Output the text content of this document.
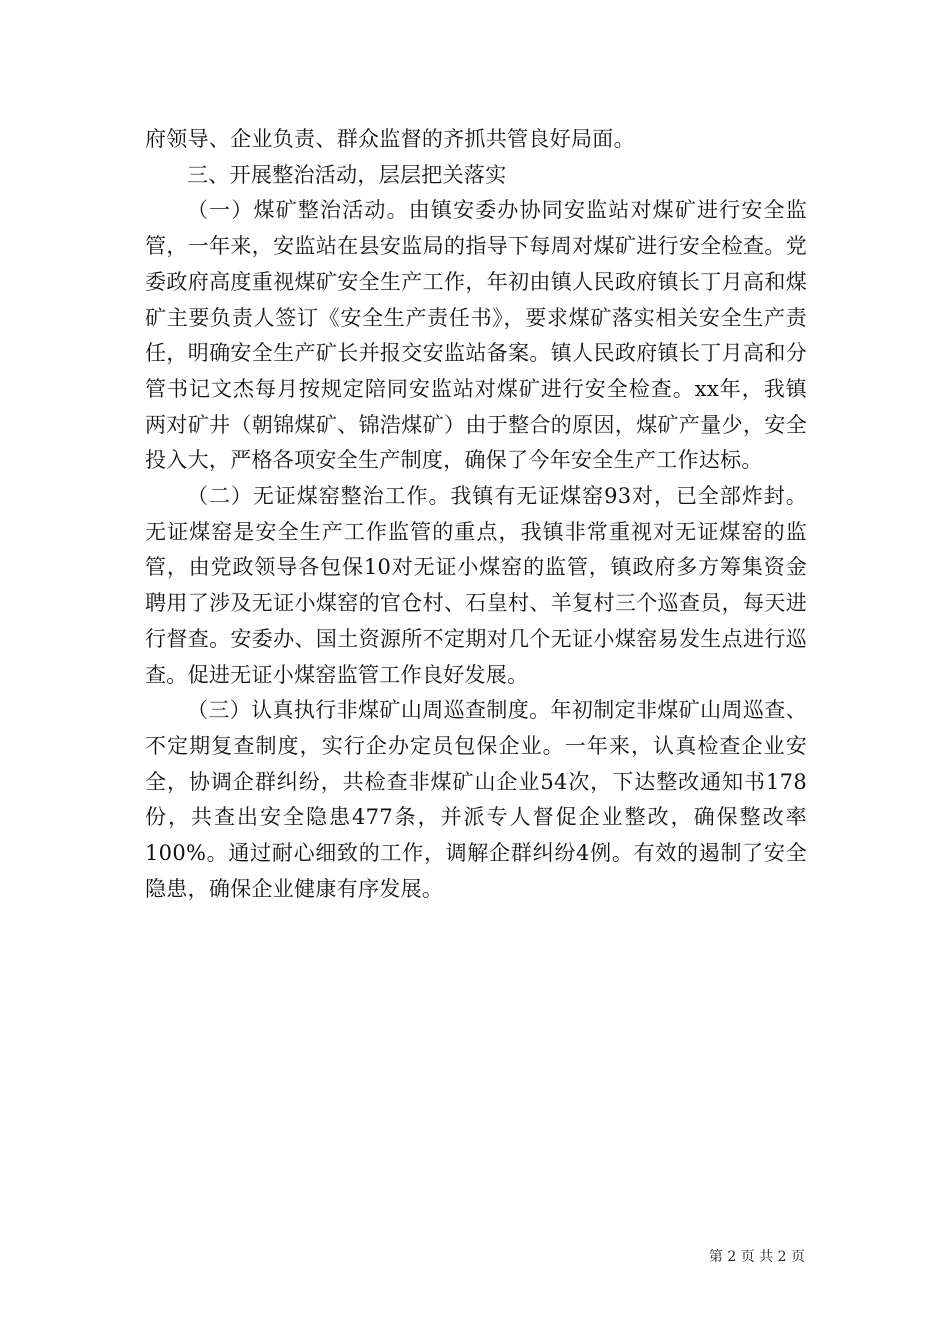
府领导、企业负责、群众监督的齐抓共管良好局面。

三、开展整治活动，层层把关落实

（一）煤矿整治活动。由镇安委办协同安监站对煤矿进行安全监管，一年来，安监站在县安监局的指导下每周对煤矿进行安全检查。党委政府高度重视煤矿安全生产工作，年初由镇人民政府镇长丁月高和煤矿主要负责人签订《安全生产责任书》，要求煤矿落实相关安全生产责任，明确安全生产矿长并报交安监站备案。镇人民政府镇长丁月高和分管书记文杰每月按规定陪同安监站对煤矿进行安全检查。xx年，我镇两对矿井（朝锦煤矿、锦浩煤矿）由于整合的原因，煤矿产量少，安全投入大，严格各项安全生产制度，确保了今年安全生产工作达标。

（二）无证煤窑整治工作。我镇有无证煤窑93对，已全部炸封。无证煤窑是安全生产工作监管的重点，我镇非常重视对无证煤窑的监管，由党政领导各包保10对无证小煤窑的监管，镇政府多方筹集资金聘用了涉及无证小煤窑的官仓村、石皇村、羊复村三个巡查员，每天进行督查。安委办、国土资源所不定期对几个无证小煤窑易发生点进行巡查。促进无证小煤窑监管工作良好发展。

（三）认真执行非煤矿山周巡查制度。年初制定非煤矿山周巡查、不定期复查制度，实行企办定员包保企业。一年来，认真检查企业安全，协调企群纠纷，共检查非煤矿山企业54次，下达整改通知书178份，共查出安全隐患477条，并派专人督促企业整改，确保整改率100%。通过耐心细致的工作，调解企群纠纷4例。有效的遏制了安全隐患，确保企业健康有序发展。

第 2 页 共 2 页
